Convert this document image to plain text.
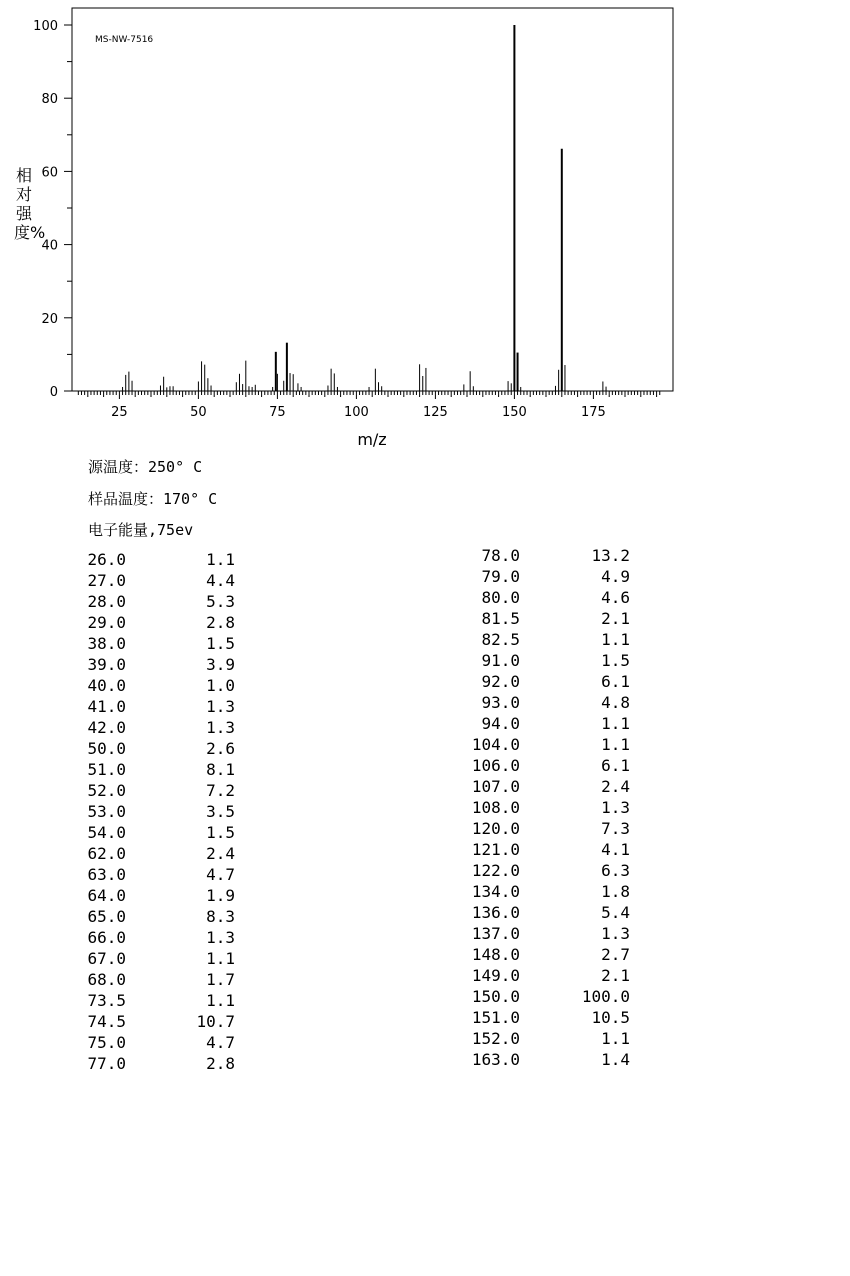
MS-NW-7516
0
20
40
60
80
100
25	50	75	100	125	150	175
m/z
相对强度%
源温度：250° C
样品温度：170° C
电子能量,75ev
26.0	1.1
27.0	4.4
28.0	5.3
29.0	2.8
38.0	1.5
39.0	3.9
40.0	1.0
41.0	1.3
42.0	1.3
50.0	2.6
51.0	8.1
52.0	7.2
53.0	3.5
54.0	1.5
62.0	2.4
63.0	4.7
64.0	1.9
65.0	8.3
66.0	1.3
67.0	1.1
68.0	1.7
73.5	1.1
74.5	10.7
75.0	4.7
77.0	2.8
78.0	13.2
79.0	4.9
80.0	4.6
81.5	2.1
82.5	1.1
91.0	1.5
92.0	6.1
93.0	4.8
94.0	1.1
104.0	1.1
106.0	6.1
107.0	2.4
108.0	1.3
120.0	7.3
121.0	4.1
122.0	6.3
134.0	1.8
136.0	5.4
137.0	1.3
148.0	2.7
149.0	2.1
150.0	100.0
151.0	10.5
152.0	1.1
163.0	1.4
